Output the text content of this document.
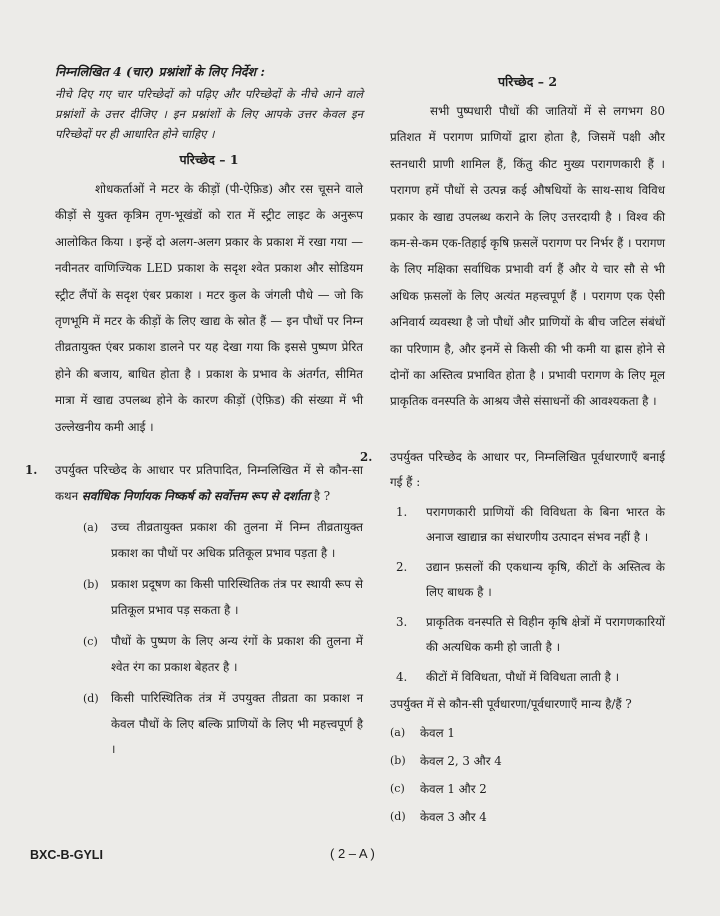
निम्नलिखित 4 (चार) प्रश्नांशों के लिए निर्देश :

नीचे दिए गए चार परिच्छेदों को पढ़िए और परिच्छेदों के नीचे आने वाले प्रश्नांशों के उत्तर दीजिए । इन प्रश्नांशों के लिए आपके उत्तर केवल इन परिच्छेदों पर ही आधारित होने चाहिए ।

परिच्छेद – 1

शोधकर्ताओं ने मटर के कीड़ों (पी-ऐफ़िड) और रस चूसने वाले कीड़ों से युक्त कृत्रिम तृण-भूखंडों को रात में स्ट्रीट लाइट के अनुरूप आलोकित किया । इन्हें दो अलग-अलग प्रकार के प्रकाश में रखा गया — नवीनतर वाणिज्यिक LED प्रकाश के सदृश श्वेत प्रकाश और सोडियम स्ट्रीट लैंपों के सदृश एंबर प्रकाश । मटर कुल के जंगली पौधे — जो कि तृणभूमि में मटर के कीड़ों के लिए खाद्य के स्रोत हैं — इन पौधों पर निम्न तीव्रतायुक्त एंबर प्रकाश डालने पर यह देखा गया कि इससे पुष्पण प्रेरित होने की बजाय, बाधित होता है । प्रकाश के प्रभाव के अंतर्गत, सीमित मात्रा में खाद्य उपलब्ध होने के कारण कीड़ों (ऐफ़िड) की संख्या में भी उल्लेखनीय कमी आई ।

1. उपर्युक्त परिच्छेद के आधार पर प्रतिपादित, निम्नलिखित में से कौन-सा कथन सर्वाधिक निर्णायक निष्कर्ष को सर्वोत्तम रूप से दर्शाता है ?
(a) उच्च तीव्रतायुक्त प्रकाश की तुलना में निम्न तीव्रतायुक्त प्रकाश का पौधों पर अधिक प्रतिकूल प्रभाव पड़ता है ।
(b) प्रकाश प्रदूषण का किसी पारिस्थितिक तंत्र पर स्थायी रूप से प्रतिकूल प्रभाव पड़ सकता है ।
(c) पौधों के पुष्पण के लिए अन्य रंगों के प्रकाश की तुलना में श्वेत रंग का प्रकाश बेहतर है ।
(d) किसी पारिस्थितिक तंत्र में उपयुक्त तीव्रता का प्रकाश न केवल पौधों के लिए बल्कि प्राणियों के लिए भी महत्त्वपूर्ण है ।

परिच्छेद – 2

सभी पुष्पधारी पौधों की जातियों में से लगभग 80 प्रतिशत में परागण प्राणियों द्वारा होता है, जिसमें पक्षी और स्तनधारी प्राणी शामिल हैं, किंतु कीट मुख्य परागणकारी हैं । परागण हमें पौधों से उत्पन्न कई औषधियों के साथ-साथ विविध प्रकार के खाद्य उपलब्ध कराने के लिए उत्तरदायी है । विश्व की कम-से-कम एक-तिहाई कृषि फ़सलें परागण पर निर्भर हैं । परागण के लिए मक्षिका सर्वाधिक प्रभावी वर्ग हैं और ये चार सौ से भी अधिक फ़सलों के लिए अत्यंत महत्त्वपूर्ण हैं । परागण एक ऐसी अनिवार्य व्यवस्था है जो पौधों और प्राणियों के बीच जटिल संबंधों का परिणाम है, और इनमें से किसी की भी कमी या ह्रास होने से दोनों का अस्तित्व प्रभावित होता है । प्रभावी परागण के लिए मूल प्राकृतिक वनस्पति के आश्रय जैसे संसाधनों की आवश्यकता है ।

2. उपर्युक्त परिच्छेद के आधार पर, निम्नलिखित पूर्वधारणाएँ बनाई गई हैं :
1. परागणकारी प्राणियों की विविधता के बिना भारत के अनाज खाद्यान्न का संधारणीय उत्पादन संभव नहीं है ।
2. उद्यान फ़सलों की एकधान्य कृषि, कीटों के अस्तित्व के लिए बाधक है ।
3. प्राकृतिक वनस्पति से विहीन कृषि क्षेत्रों में परागणकारियों की अत्यधिक कमी हो जाती है ।
4. कीटों में विविधता, पौधों में विविधता लाती है ।
उपर्युक्त में से कौन-सी पूर्वधारणा/पूर्वधारणाएँ मान्य है/हैं ?
(a) केवल 1
(b) केवल 2, 3 और 4
(c) केवल 1 और 2
(d) केवल 3 और 4
BXC-B-GYLI	( 2 – A )
